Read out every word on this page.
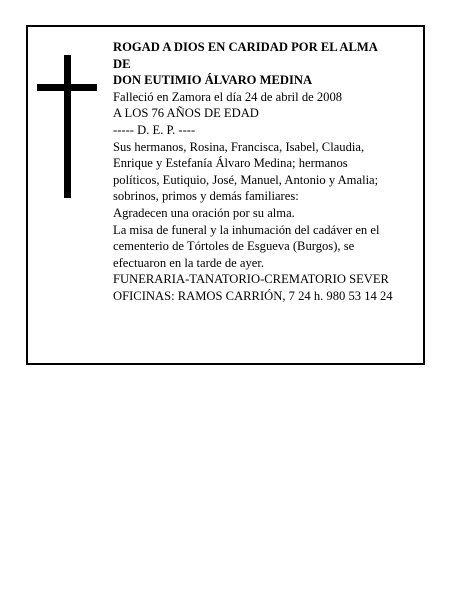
ROGAD A DIOS EN CARIDAD POR EL ALMA
DE
DON EUTIMIO ÁLVARO MEDINA
Falleció en Zamora el día 24 de abril de 2008
A LOS 76 AÑOS DE EDAD
----- D. E. P. ----
Sus hermanos, Rosina, Francisca, Isabel, Claudia,
Enrique y Estefanía Álvaro Medina; hermanos
políticos, Eutiquio, José, Manuel, Antonio y Amalia;
sobrinos, primos y demás familiares:
Agradecen una oración por su alma.
La misa de funeral y la inhumación del cadáver en el
cementerio de Tórtoles de Esgueva (Burgos), se
efectuaron en la tarde de ayer.
FUNERARIA-TANATORIO-CREMATORIO SEVER
OFICINAS: RAMOS CARRIÓN, 7 24 h. 980 53 14 24
